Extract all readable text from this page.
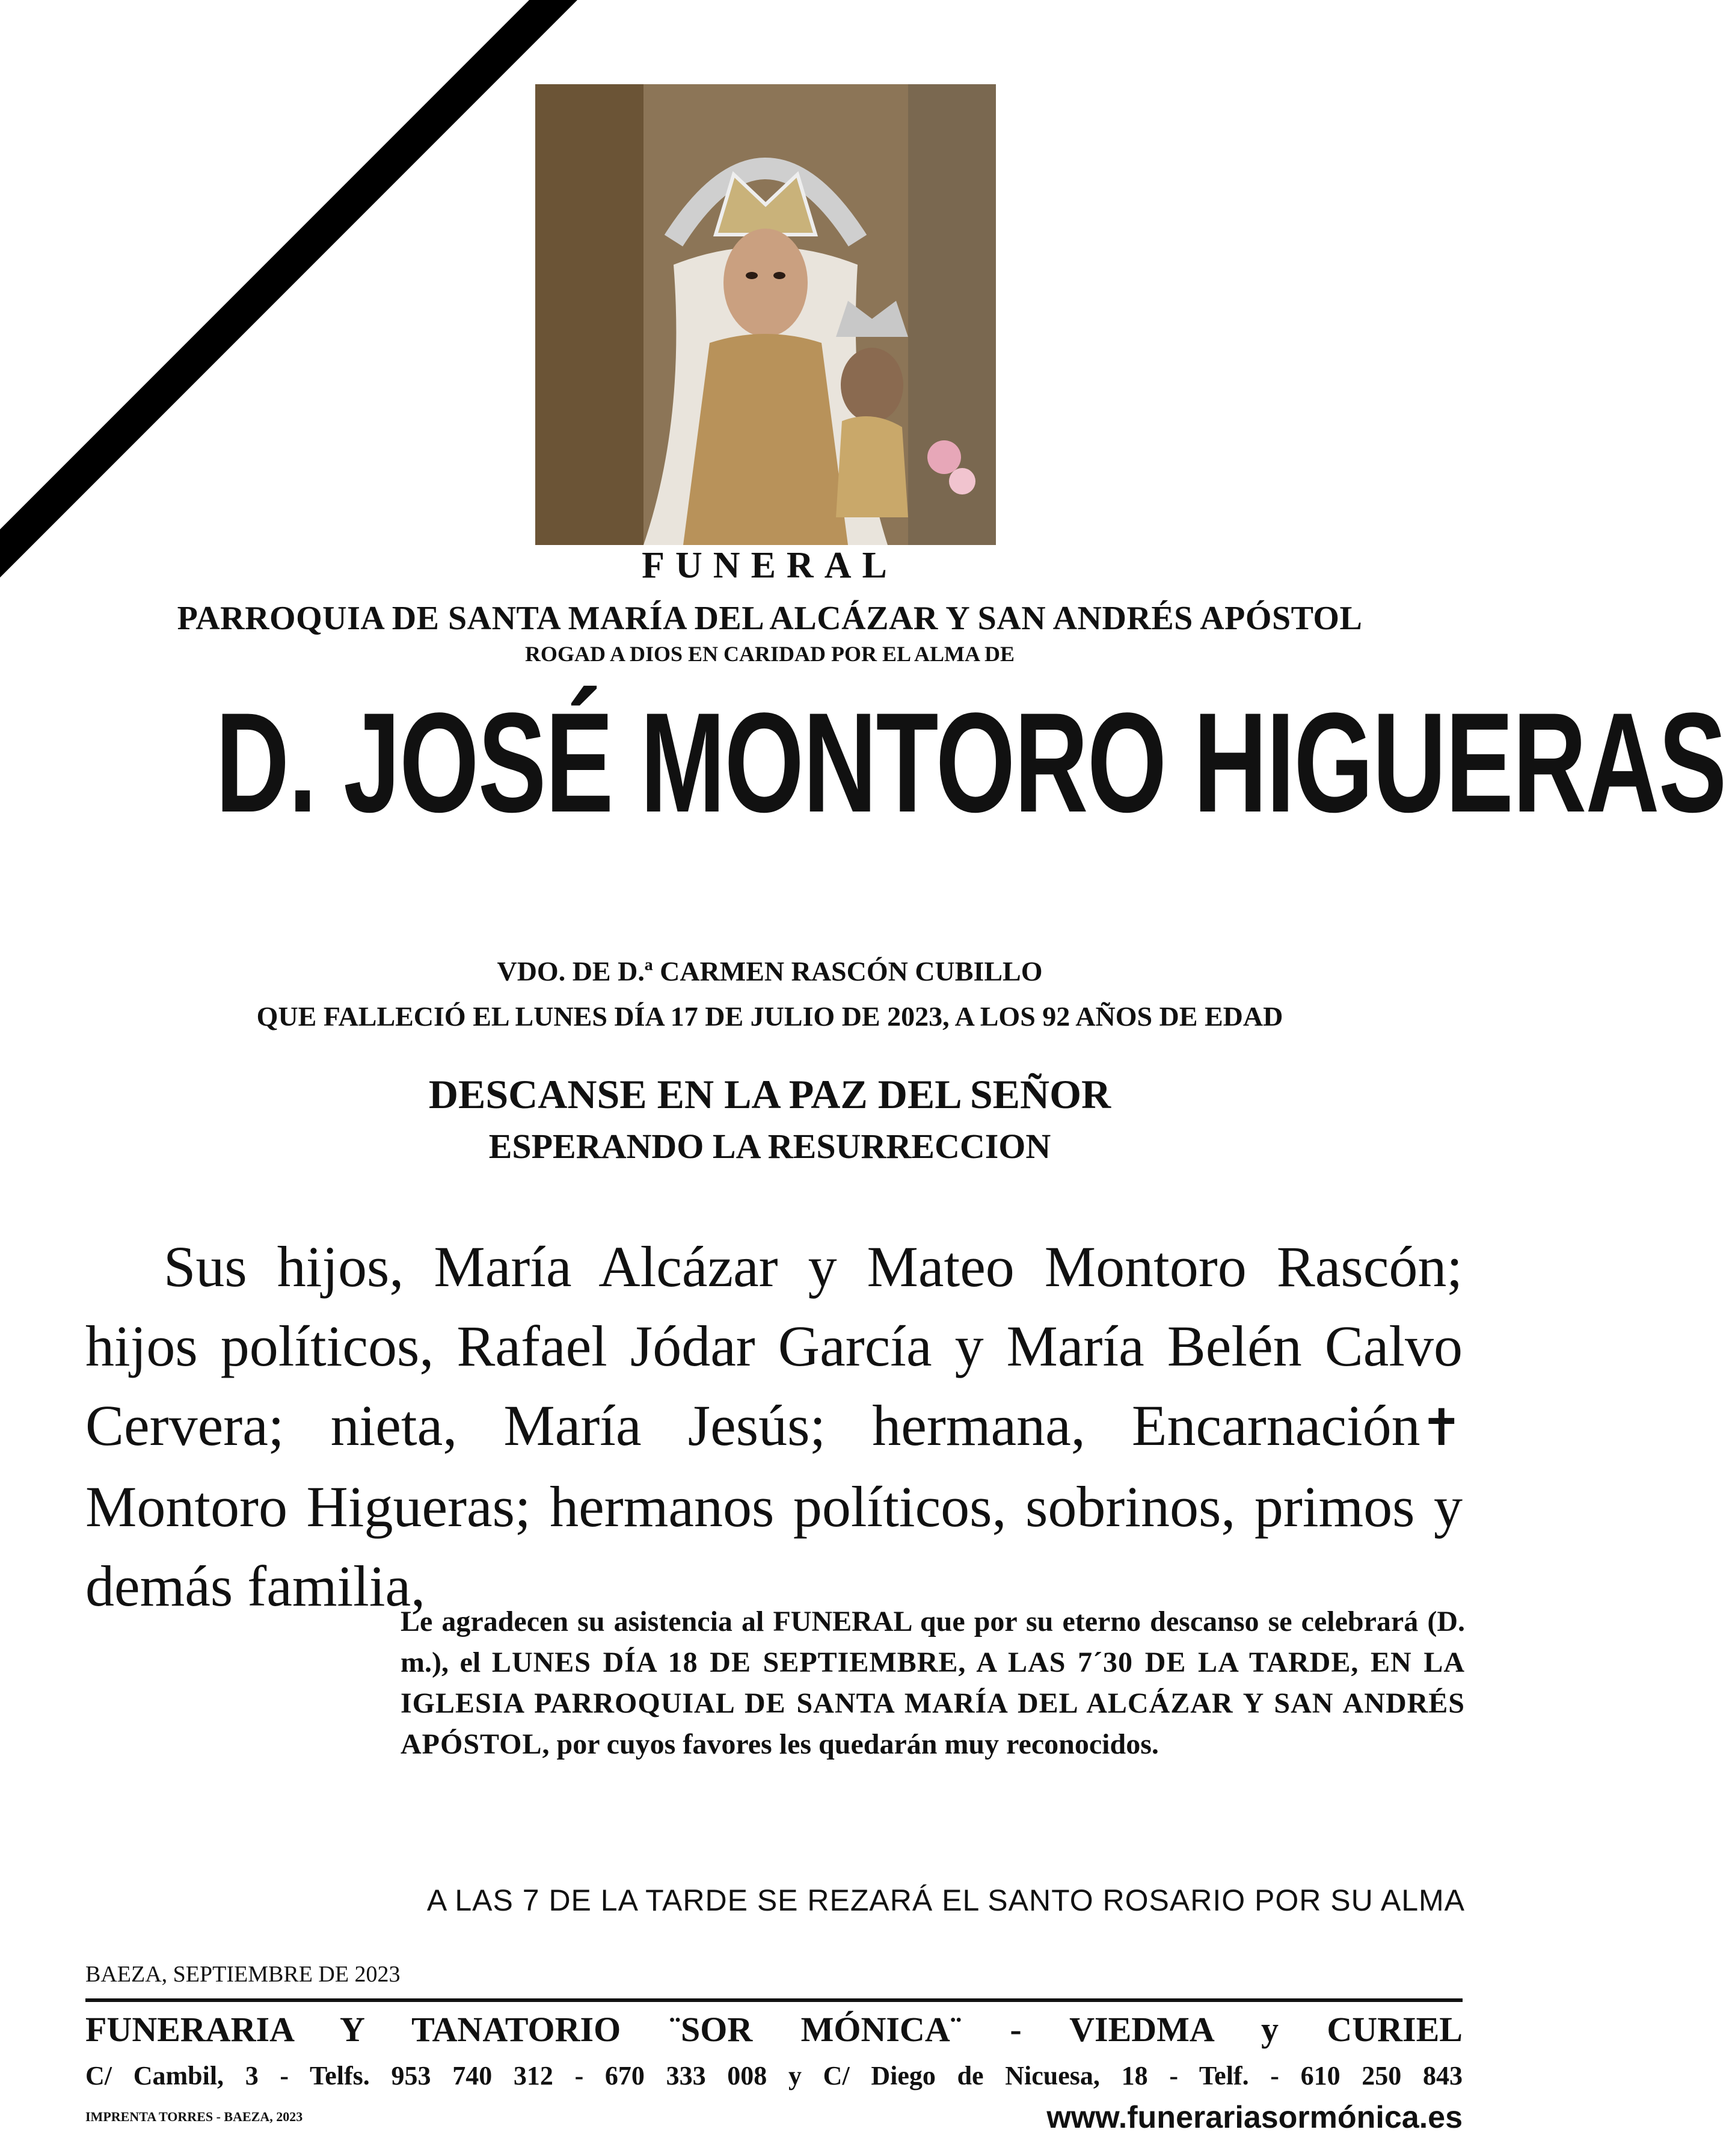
FUNERAL
PARROQUIA DE SANTA MARÍA DEL ALCÁZAR Y SAN ANDRÉS APÓSTOL
ROGAD A DIOS EN CARIDAD POR EL ALMA DE
D. JOSÉ MONTORO HIGUERAS
VDO. DE D.ª CARMEN RASCÓN CUBILLO
QUE FALLECIÓ EL LUNES DÍA 17 DE JULIO DE 2023, A LOS 92 AÑOS DE EDAD
DESCANSE EN LA PAZ DEL SEÑOR
ESPERANDO LA RESURRECCION
Sus hijos, María Alcázar y Mateo Montoro Rascón; hijos políticos, Rafael Jódar García y María Belén Calvo Cervera; nieta, María Jesús; hermana, Encarnación✝ Montoro Higueras; hermanos políticos, sobrinos, primos y demás familia,
Le agradecen su asistencia al FUNERAL que por su eterno descanso se celebrará (D. m.), el LUNES DÍA 18 DE SEPTIEMBRE, A LAS 7´30 DE LA TARDE, EN LA IGLESIA PARROQUIAL DE SANTA MARÍA DEL ALCÁZAR Y SAN ANDRÉS APÓSTOL, por cuyos favores les quedarán muy reconocidos.
A LAS 7 DE LA TARDE SE REZARÁ EL SANTO ROSARIO POR SU ALMA
BAEZA, SEPTIEMBRE DE 2023
FUNERARIA Y TANATORIO ¨SOR MÓNICA¨ - VIEDMA y CURIEL
C/ Cambil, 3 - Telfs. 953 740 312 - 670 333 008 y C/ Diego de Nicuesa, 18 - Telf. - 610 250 843
IMPRENTA TORRES - BAEZA, 2023	www.funerariasormónica.es
